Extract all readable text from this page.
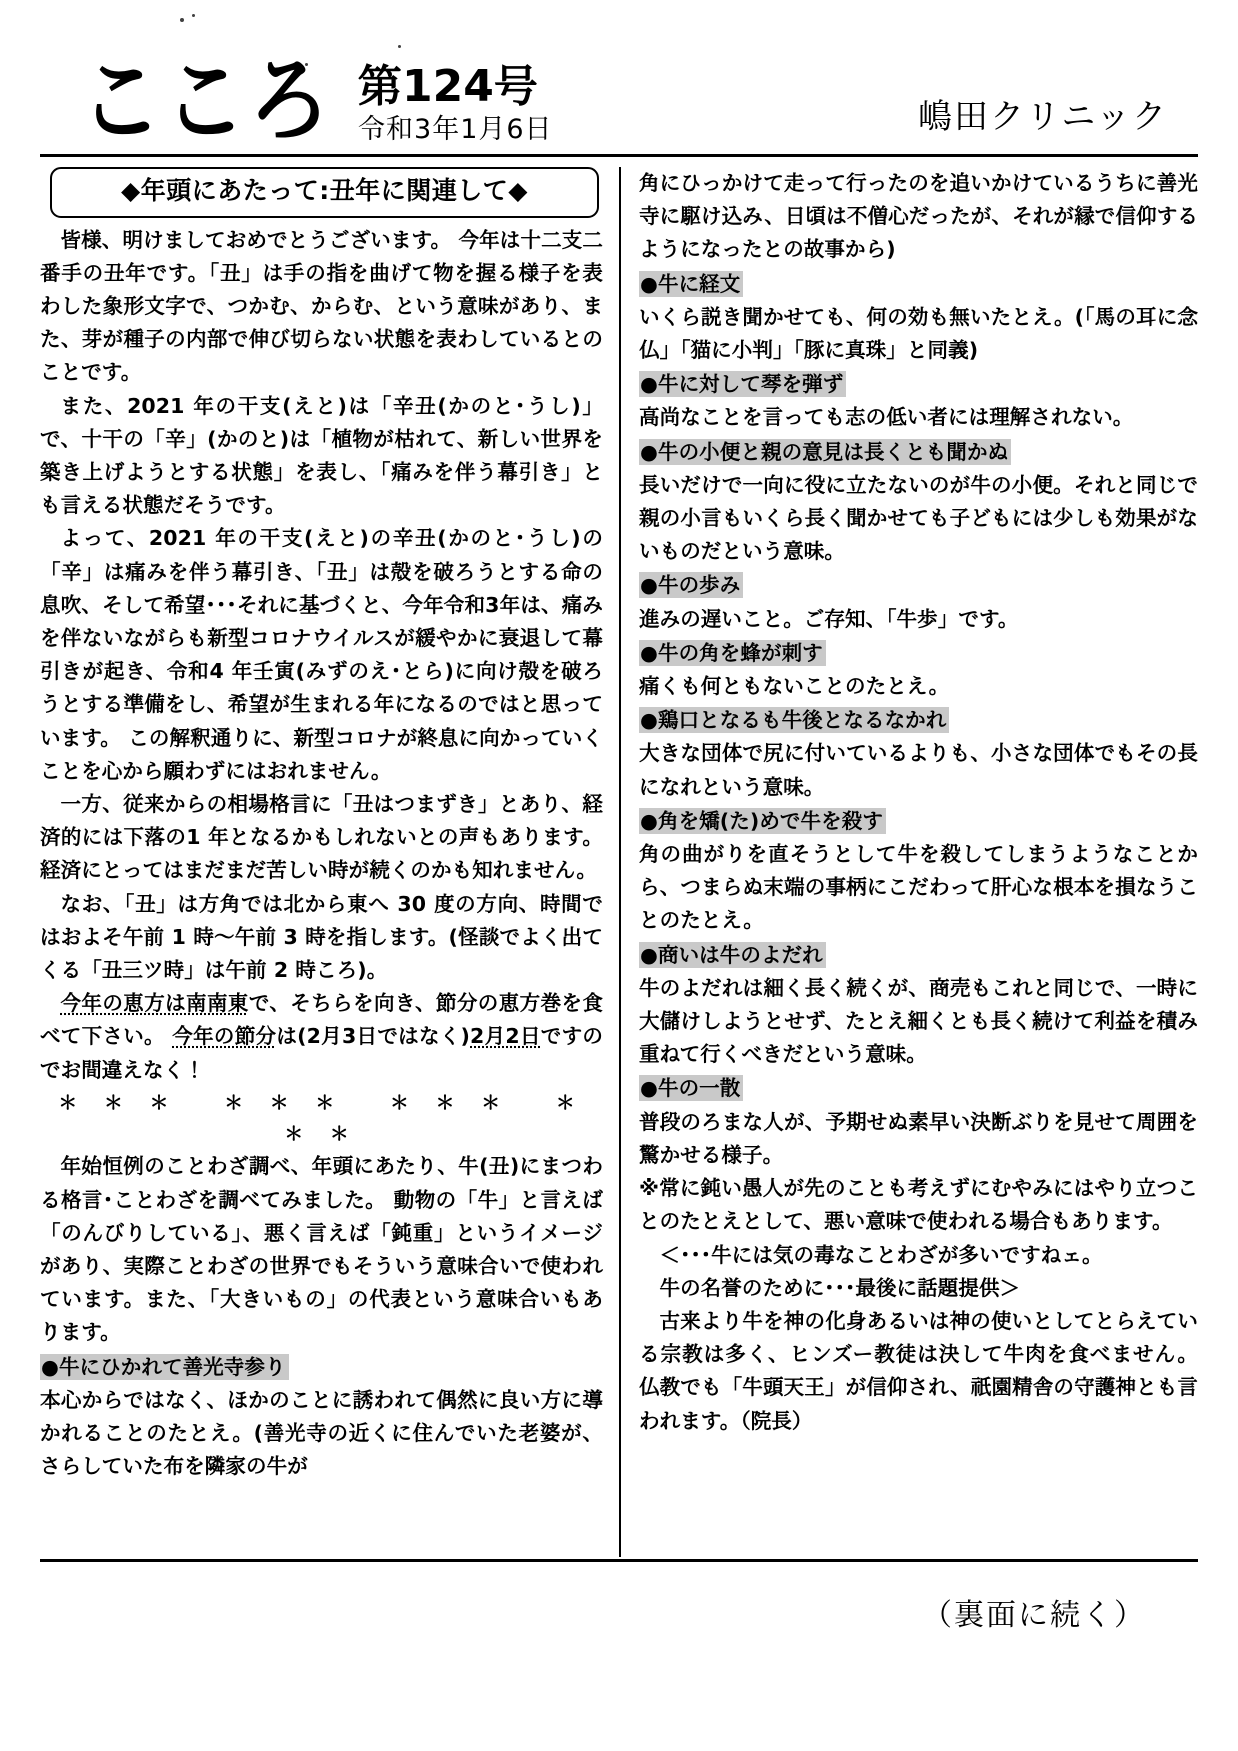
こころ 第124号
令和3年1月6日	嶋田クリニック
◆年頭にあたって:丑年に関連して◆

皆様、明けましておめでとうございます。 今年は十二支二番手の丑年です。「丑」は手の指を曲げて物を握る様子を表わした象形文字で、つかむ、からむ、という意味があり、また、芽が種子の内部で伸び切らない状態を表わしているとのことです。

また、2021 年の干支(えと)は「辛丑(かのと･うし)」で、十干の「辛」(かのと)は「植物が枯れて、新しい世界を築き上げようとする状態」を表し、「痛みを伴う幕引き」とも言える状態だそうです。

よって、2021 年の干支(えと)の辛丑(かのと･うし)の「辛」は痛みを伴う幕引き、「丑」は殻を破ろうとする命の息吹、そして希望･･･それに基づくと、今年令和3年は、痛みを伴ないながらも新型コロナウイルスが緩やかに衰退して幕引きが起き、令和4 年壬寅(みずのえ･とら)に向け殻を破ろうとする準備をし、希望が生まれる年になるのではと思っています。 この解釈通りに、新型コロナが終息に向かっていくことを心から願わずにはおれません。

一方、従来からの相場格言に「丑はつまずき」とあり、経済的には下落の1 年となるかもしれないとの声もあります。 経済にとってはまだまだ苦しい時が続くのかも知れません。

なお、「丑」は方角では北から東へ 30 度の方向、時間ではおよそ午前 1 時～午前 3 時を指します。(怪談でよく出てくる「丑三ツ時」は午前 2 時ころ)。

今年の恵方は南南東で、そちらを向き、節分の恵方巻を食べて下さい。 今年の節分は(2月3日ではなく)2月2日ですのでお間違えなく！

＊ ＊ ＊　 ＊ ＊ ＊　 ＊ ＊ ＊　 ＊ ＊ ＊

年始恒例のことわざ調べ、年頭にあたり、牛(丑)にまつわる格言･ことわざを調べてみました。 動物の「牛」と言えば「のんびりしている」、悪く言えば「鈍重」というイメージがあり、実際ことわざの世界でもそういう意味合いで使われています。また、「大きいもの」の代表という意味合いもあります。

●牛にひかれて善光寺参り

本心からではなく、ほかのことに誘われて偶然に良い方に導かれることのたとえ。(善光寺の近くに住んでいた老婆が、さらしていた布を隣家の牛が

角にひっかけて走って行ったのを追いかけているうちに善光寺に駆け込み、日頃は不僧心だったが、それが縁で信仰するようになったとの故事から)

●牛に経文

いくら説き聞かせても、何の効も無いたとえ。(「馬の耳に念仏」「猫に小判」「豚に真珠」と同義)

●牛に対して琴を弾ず

高尚なことを言っても志の低い者には理解されない。

●牛の小便と親の意見は長くとも聞かぬ

長いだけで一向に役に立たないのが牛の小便。それと同じで親の小言もいくら長く聞かせても子どもには少しも効果がないものだという意味。

●牛の歩み

進みの遅いこと。ご存知、「牛歩」です。

●牛の角を蜂が刺す

痛くも何ともないことのたとえ。

●鶏口となるも牛後となるなかれ

大きな団体で尻に付いているよりも、小さな団体でもその長になれという意味。

●角を矯(た)めで牛を殺す

角の曲がりを直そうとして牛を殺してしまうようなことから、つまらぬ末端の事柄にこだわって肝心な根本を損なうことのたとえ。

●商いは牛のよだれ

牛のよだれは細く長く続くが、商売もこれと同じで、一時に大儲けしようとせず、たとえ細くとも長く続けて利益を積み重ねて行くべきだという意味。

●牛の一散

普段のろまな人が、予期せぬ素早い決断ぶりを見せて周囲を驚かせる様子。

※常に鈍い愚人が先のことも考えずにむやみにはやり立つことのたとえとして、悪い意味で使われる場合もあります。

＜･･･牛には気の毒なことわざが多いですねェ。

牛の名誉のために･･･最後に話題提供＞

古来より牛を神の化身あるいは神の使いとしてとらえている宗教は多く、ヒンズー教徒は決して牛肉を食べません。 仏教でも「牛頭天王」が信仰され、祇園精舎の守護神とも言われます。（院長）

（裏面に続く）
